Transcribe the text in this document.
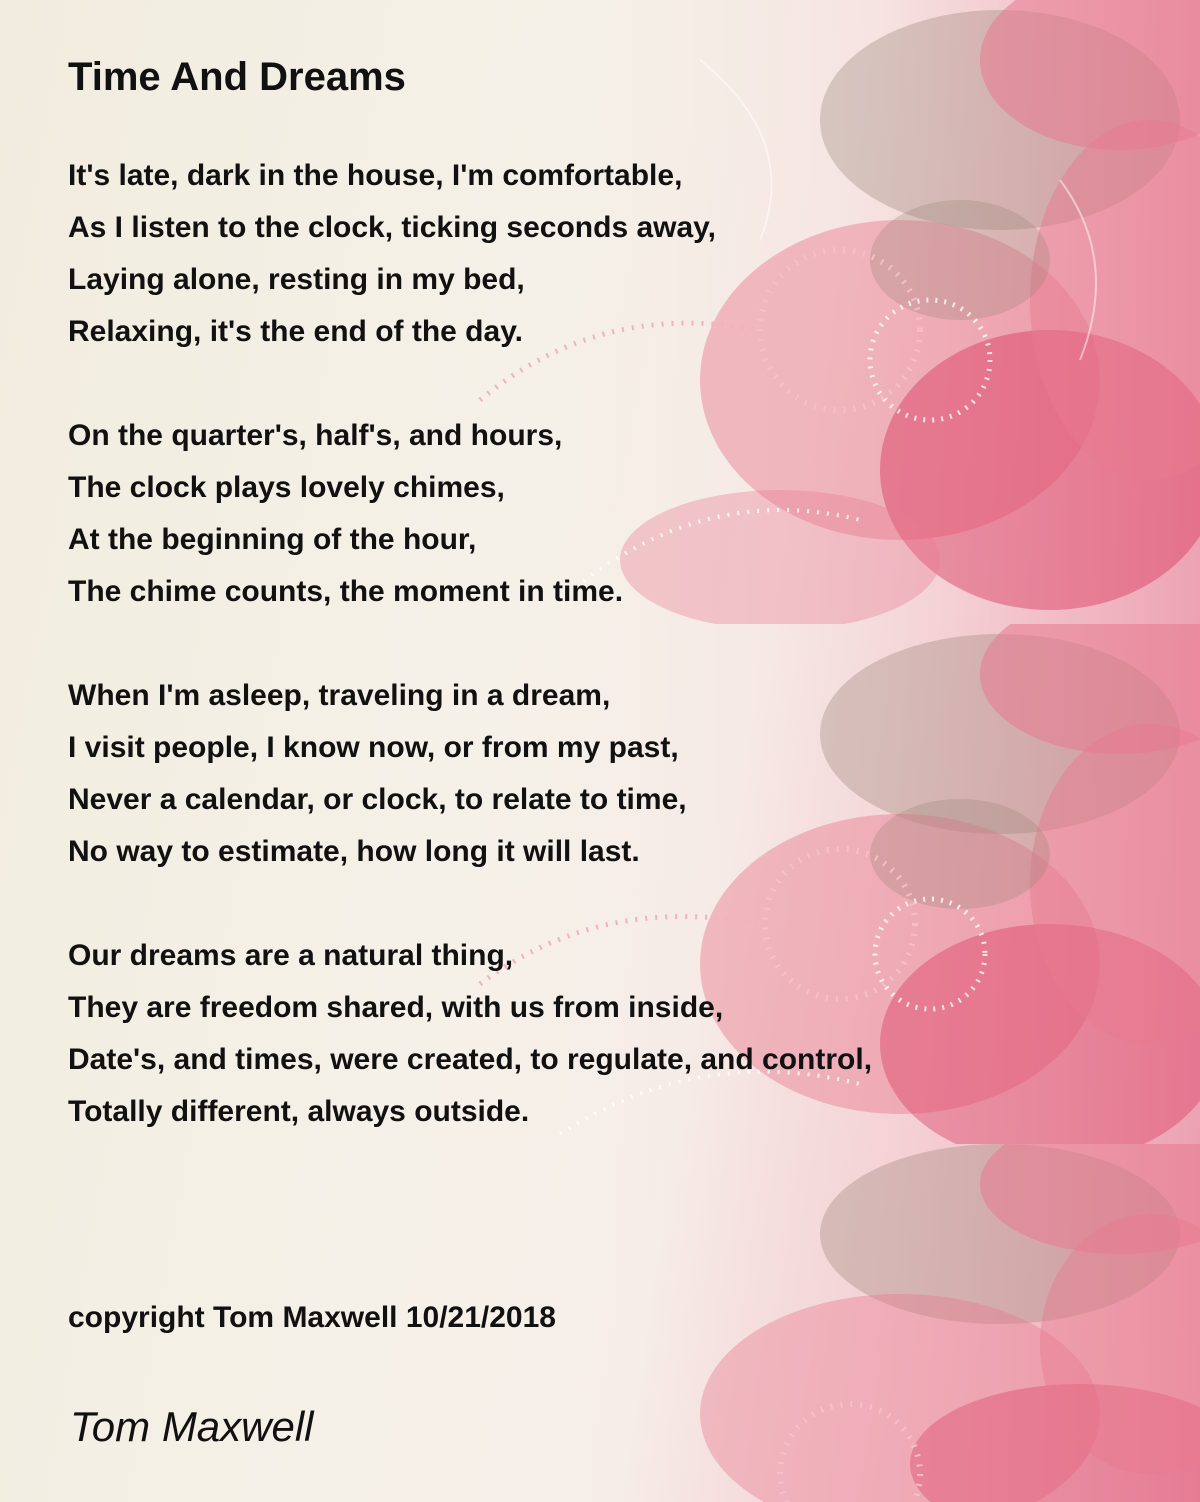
Time And Dreams
It's late, dark in the house, I'm comfortable,
As I listen to the clock, ticking seconds away,
Laying alone, resting in my bed,
Relaxing, it's the end of the day.
On the quarter's, half's, and hours,
The clock plays lovely chimes,
At the beginning of the hour,
The chime counts, the moment in time.
When I'm asleep, traveling in a dream,
I visit people, I know now, or from my past,
Never a calendar, or clock, to relate to time,
No way to estimate, how long it will last.
Our dreams are a natural thing,
They are freedom shared, with us from inside,
Date's, and times, were created, to regulate, and control,
Totally different, always outside.

copyright Tom Maxwell 10/21/2018

Tom Maxwell
